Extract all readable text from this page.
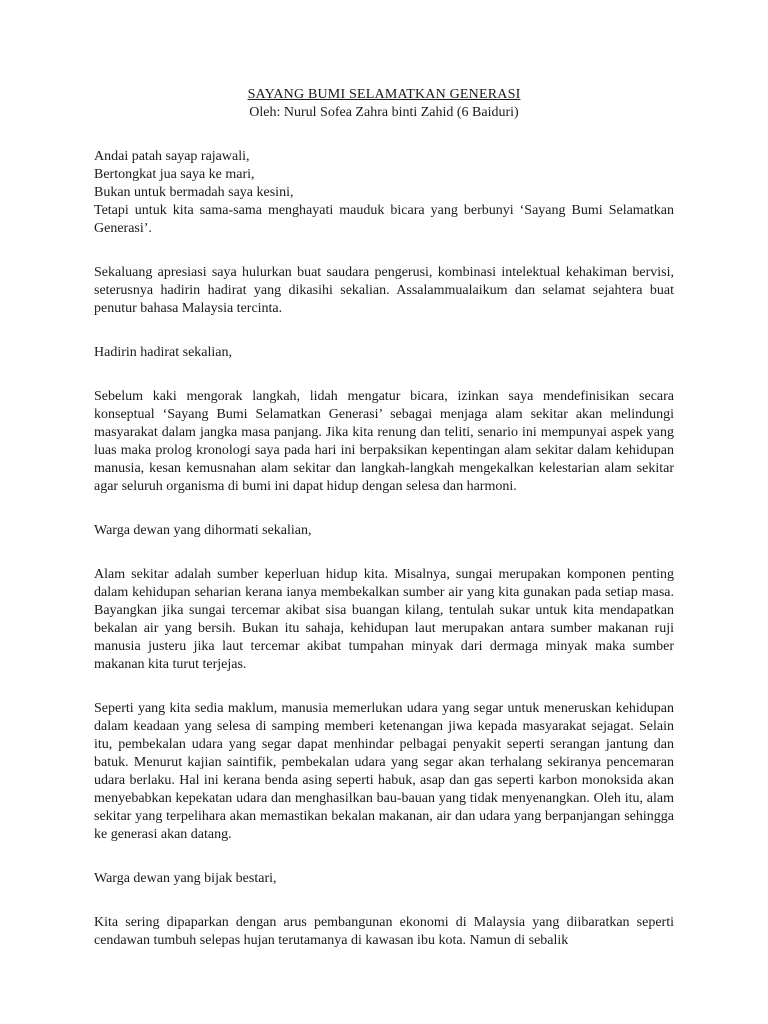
SAYANG BUMI SELAMATKAN GENERASI
Oleh: Nurul Sofea Zahra binti Zahid (6 Baiduri)
Andai patah sayap rajawali,
Bertongkat jua saya ke mari,
Bukan untuk bermadah saya kesini,
Tetapi untuk kita sama-sama menghayati mauduk bicara yang berbunyi ‘Sayang Bumi Selamatkan Generasi’.

Sekaluang apresiasi saya hulurkan buat saudara pengerusi, kombinasi intelektual kehakiman bervisi, seterusnya hadirin hadirat yang dikasihi sekalian. Assalammualaikum dan selamat sejahtera buat penutur bahasa Malaysia tercinta.

Hadirin hadirat sekalian,

Sebelum kaki mengorak langkah, lidah mengatur bicara, izinkan saya mendefinisikan secara konseptual ‘Sayang Bumi Selamatkan Generasi’ sebagai menjaga alam sekitar akan melindungi masyarakat dalam jangka masa panjang. Jika kita renung dan teliti, senario ini mempunyai aspek yang luas maka prolog kronologi saya pada hari ini berpaksikan kepentingan alam sekitar dalam kehidupan manusia, kesan kemusnahan alam sekitar dan langkah-langkah mengekalkan kelestarian alam sekitar agar seluruh organisma di bumi ini dapat hidup dengan selesa dan harmoni.

Warga dewan yang dihormati sekalian,

Alam sekitar adalah sumber keperluan hidup kita. Misalnya, sungai merupakan komponen penting dalam kehidupan seharian kerana ianya membekalkan sumber air yang kita gunakan pada setiap masa. Bayangkan jika sungai tercemar akibat sisa buangan kilang, tentulah sukar untuk kita mendapatkan bekalan air yang bersih. Bukan itu sahaja, kehidupan laut merupakan antara sumber makanan ruji manusia justeru jika laut tercemar akibat tumpahan minyak dari dermaga minyak maka sumber makanan kita turut terjejas.

Seperti yang kita sedia maklum, manusia memerlukan udara yang segar untuk meneruskan kehidupan dalam keadaan yang selesa di samping memberi ketenangan jiwa kepada masyarakat sejagat. Selain itu, pembekalan udara yang segar dapat menhindar pelbagai penyakit seperti serangan jantung dan batuk. Menurut kajian saintifik, pembekalan udara yang segar akan terhalang sekiranya pencemaran udara berlaku. Hal ini kerana benda asing seperti habuk, asap dan gas seperti karbon monoksida akan menyebabkan kepekatan udara dan menghasilkan bau-bauan yang tidak menyenangkan. Oleh itu, alam sekitar yang terpelihara akan memastikan bekalan makanan, air dan udara yang berpanjangan sehingga ke generasi akan datang.

Warga dewan yang bijak bestari,

Kita sering dipaparkan dengan arus pembangunan ekonomi di Malaysia yang diibaratkan seperti cendawan tumbuh selepas hujan terutamanya di kawasan ibu kota. Namun di sebalik
